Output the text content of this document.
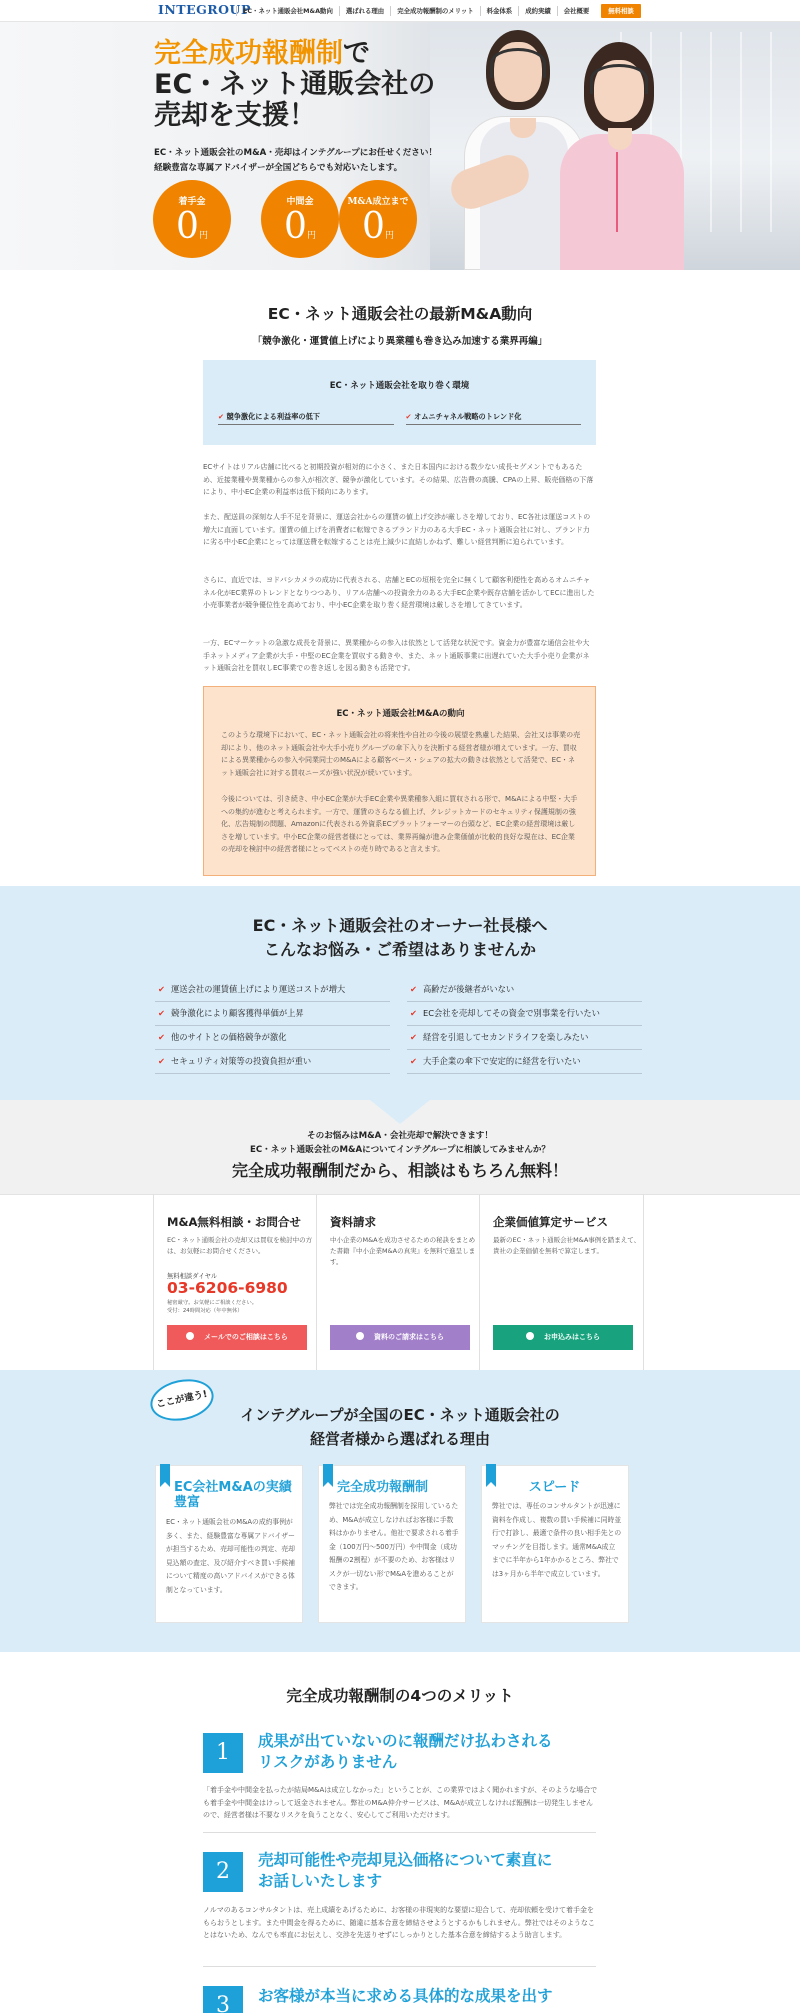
INTEGROUP
EC・ネット通販会社M&A動向	選ばれる理由	完全成功報酬制のメリット	料金体系	成約実績	会社概要	無料相談
完全成功報酬制で
EC・ネット通販会社の
売却を支援！
EC・ネット通販会社のM&A・売却はインテグループにお任せください！
経験豊富な専属アドバイザーが全国どちらでも対応いたします。
着手金
0円
中間金
0円
M&A成立まで
0円
EC・ネット通販会社の最新M&A動向
「競争激化・運賃値上げにより異業種も巻き込み加速する業界再編」
EC・ネット通販会社を取り巻く環境
✔ 競争激化による利益率の低下	✔ オムニチャネル戦略のトレンド化
ECサイトはリアル店舗に比べると初期投資が相対的に小さく、また日本国内における数少ない成長セグメントでもあるため、近接業種や異業種からの参入が相次ぎ、競争が激化しています。その結果、広告費の高騰、CPAの上昇、販売価格の下落により、中小EC企業の利益率は低下傾向にあります。
また、配送員の深刻な人手不足を背景に、運送会社からの運賃の値上げ交渉が厳しさを増しており、EC各社は運送コストの増大に直面しています。運賃の値上げを消費者に転嫁できるブランド力のある大手EC・ネット通販会社に対し、ブランド力に劣る中小EC企業にとっては運送費を転嫁することは売上減少に直結しかねず、難しい経営判断に迫られています。
さらに、直近では、ヨドバシカメラの成功に代表される、店舗とECの垣根を完全に無くして顧客利便性を高めるオムニチャネル化がEC業界のトレンドとなりつつあり、リアル店舗への投資余力のある大手EC企業や既存店舗を活かしてECに進出した小売事業者が競争優位性を高めており、中小EC企業を取り巻く経営環境は厳しさを増してきています。
一方、ECマーケットの急激な成長を背景に、異業種からの参入は依然として活発な状況です。資金力が豊富な通信会社や大手ネットメディア企業が大手・中堅のEC企業を買収する動きや、また、ネット通販事業に出遅れていた大手小売り企業がネット通販会社を買収しEC事業での巻き返しを図る動きも活発です。
EC・ネット通販会社M&Aの動向
このような環境下において、EC・ネット通販会社の将来性や自社の今後の展望を熟慮した結果、会社又は事業の売却により、他のネット通販会社や大手小売りグループの傘下入りを決断する経営者様が増えています。一方、買収による異業種からの参入や同業同士のM&Aによる顧客ベース・シェアの拡大の動きは依然として活発で、EC・ネット通販会社に対する買収ニーズが強い状況が続いています。
今後については、引き続き、中小EC企業が大手EC企業や異業種参入組に買収される形で、M&Aによる中堅・大手への集約が進むと考えられます。一方で、運賃のさらなる値上げ、クレジットカードのセキュリティ保護規制の強化、広告規制の問題、Amazonに代表される外資系ECプラットフォーマーの台頭など、EC企業の経営環境は厳しさを増しています。中小EC企業の経営者様にとっては、業界再編が進み企業価値が比較的良好な現在は、EC企業の売却を検討中の経営者様にとってベストの売り時であると言えます。
EC・ネット通販会社のオーナー社長様へ
こんなお悩み・ご希望はありませんか
✔ 運送会社の運賃値上げにより運送コストが増大
✔ 競争激化により顧客獲得単価が上昇
✔ 他のサイトとの価格競争が激化
✔ セキュリティ対策等の投資負担が重い
✔ 高齢だが後継者がいない
✔ EC会社を売却してその資金で別事業を行いたい
✔ 経営を引退してセカンドライフを楽しみたい
✔ 大手企業の傘下で安定的に経営を行いたい
そのお悩みはM&A・会社売却で解決できます！
EC・ネット通販会社のM&Aについてインテグループに相談してみませんか？
完全成功報酬制だから、相談はもちろん無料！
M&A無料相談・お問合せ
EC・ネット通販会社の売却又は買収を検討中の方は、お気軽にお問合せください。
無料相談ダイヤル
03-6206-6980
秘密厳守。お気軽にご相談ください。
受付：24時間対応（年中無休）
メールでのご相談はこちら
資料請求
中小企業のM&Aを成功させるための秘訣をまとめた書籍『中小企業M&Aの真実』を無料で進呈します。
資料のご請求はこちら
企業価値算定サービス
最新のEC・ネット通販会社M&A事例を踏まえて、貴社の企業価値を無料で算定します。
お申込みはこちら
インテグループが全国のEC・ネット通販会社の
経営者様から選ばれる理由
EC会社M&Aの実績豊富
EC・ネット通販会社のM&Aの成約事例が多く、また、経験豊富な専属アドバイザーが担当するため、売却可能性の判定、売却見込額の査定、及び紹介すべき買い手候補について精度の高いアドバイスができる体制となっています。
完全成功報酬制
弊社では完全成功報酬制を採用しているため、M&Aが成立しなければお客様に手数料はかかりません。他社で要求される着手金（100万円〜500万円）や中間金（成功報酬の2割程）が不要のため、お客様はリスクが一切ない形でM&Aを進めることができます。
スピード
弊社では、専任のコンサルタントが迅速に資料を作成し、複数の買い手候補に同時並行で打診し、最適で条件の良い相手先とのマッチングを目指します。通常M&A成立までに半年から1年かかるところ、弊社では3ヶ月から半年で成立しています。
ここが違う!
完全成功報酬制の4つのメリット
1	成果が出ていないのに報酬だけ払わされる
リスクがありません
「着手金や中間金を払ったが結局M&Aは成立しなかった」ということが、この業界ではよく聞かれますが、そのような場合でも着手金や中間金はけっして返金されません。弊社のM&A仲介サービスは、M&Aが成立しなければ報酬は一切発生しませんので、経営者様は不要なリスクを負うことなく、安心してご利用いただけます。
2	売却可能性や売却見込価格について素直に
お話しいたします
ノルマのあるコンサルタントは、売上成績をあげるために、お客様の非現実的な要望に迎合して、売却依頼を受けて着手金をもらおうとします。また中間金を得るために、随違に基本合意を締結させようとするかもしれません。弊社ではそのようなことはないため、なんでも率直にお伝えし、交渉を先送りせずにしっかりとした基本合意を締結するよう助言します。
3	お客様が本当に求める具体的な成果を出す
